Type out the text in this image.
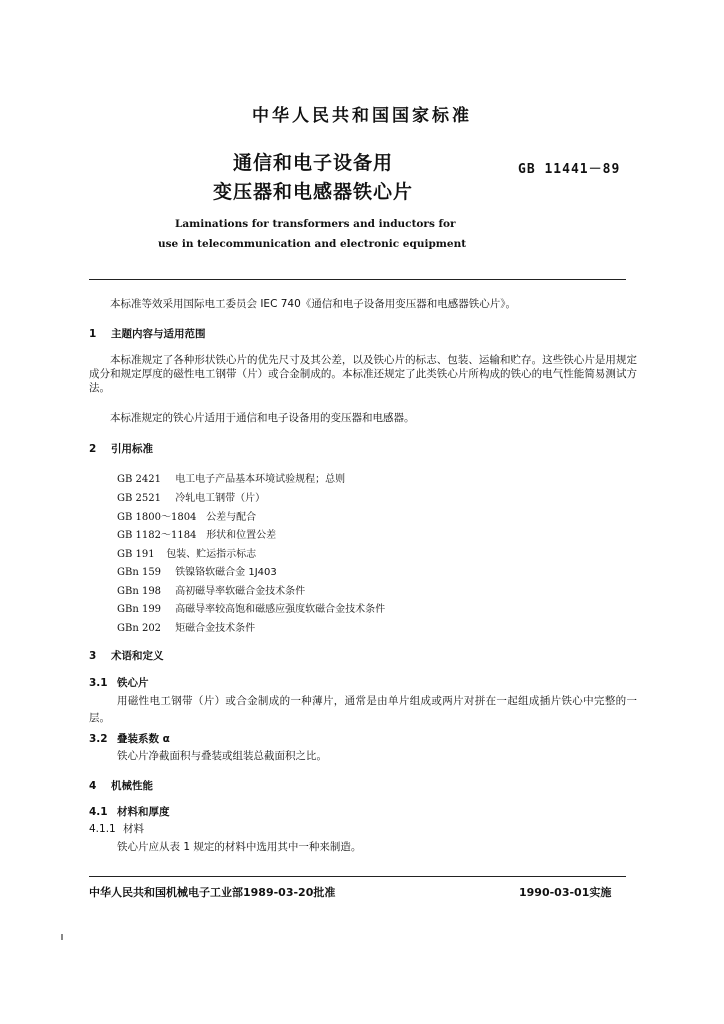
中华人民共和国国家标准
通信和电子设备用
变压器和电感器铁心片
GB 11441－89
Laminations for transformers and inductors for
use in telecommunication and electronic equipment
本标准等效采用国际电工委员会 IEC 740《通信和电子设备用变压器和电感器铁心片》。
1 主题内容与适用范围
本标准规定了各种形状铁心片的优先尺寸及其公差，以及铁心片的标志、包装、运输和贮存。这些铁心片是用规定成分和规定厚度的磁性电工钢带（片）或合金制成的。本标准还规定了此类铁心片所构成的铁心的电气性能简易测试方法。
本标准规定的铁心片适用于通信和电子设备用的变压器和电感器。
2 引用标准
GB 2421 电工电子产品基本环境试验规程；总则
GB 2521 冷轧电工钢带（片）
GB 1800～1804 公差与配合
GB 1182～1184 形状和位置公差
GB 191 包装、贮运指示标志
GBn 159 铁镍铬软磁合金 1J403
GBn 198 高初磁导率软磁合金技术条件
GBn 199 高磁导率较高饱和磁感应强度软磁合金技术条件
GBn 202 矩磁合金技术条件
3 术语和定义
3.1 铁心片
用磁性电工钢带（片）或合金制成的一种薄片，通常是由单片组成或两片对拼在一起组成插片铁心中完整的一层。
3.2 叠装系数 α
铁心片净截面积与叠装或组装总截面积之比。
4 机械性能
4.1 材料和厚度
4.1.1 材料
铁心片应从表 1 规定的材料中选用其中一种来制造。
中华人民共和国机械电子工业部1989-03-20批准	1990-03-01实施
